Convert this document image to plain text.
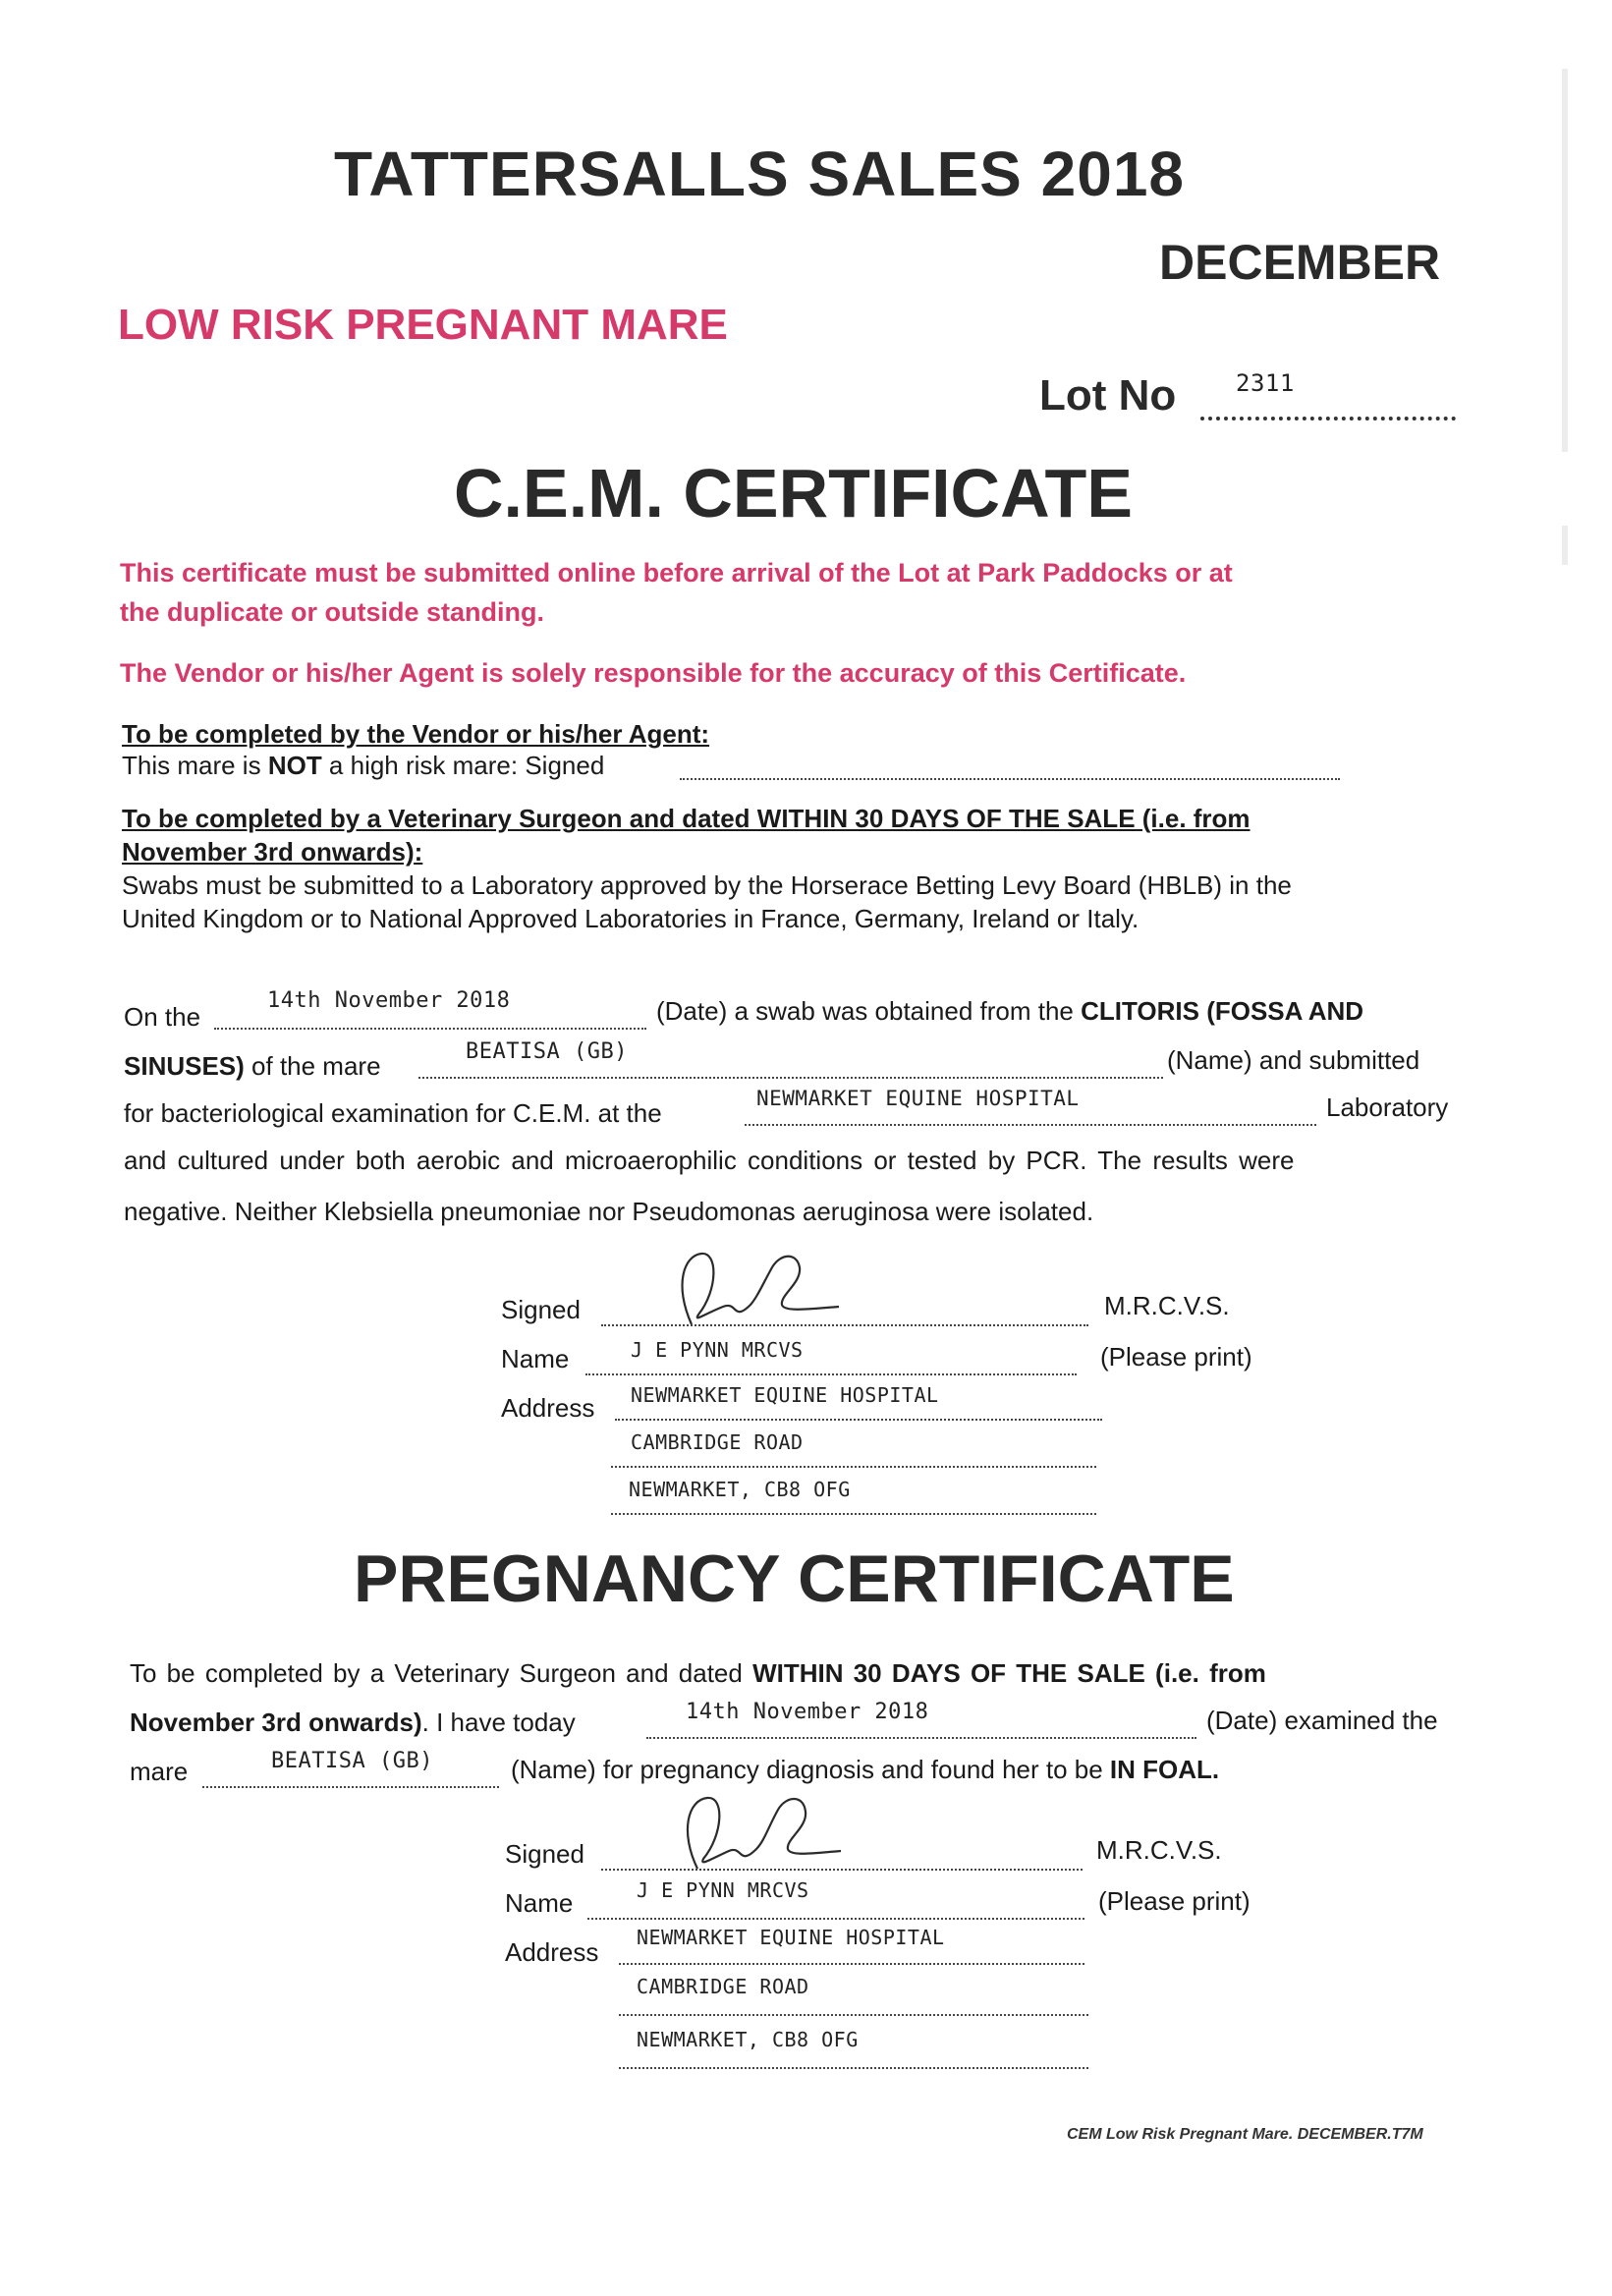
TATTERSALLS SALES 2018
DECEMBER
LOW RISK PREGNANT MARE
Lot No	2311
C.E.M. CERTIFICATE
This certificate must be submitted online before arrival of the Lot at Park Paddocks or at
the duplicate or outside standing.
The Vendor or his/her Agent is solely responsible for the accuracy of this Certificate.
To be completed by the Vendor or his/her Agent:
This mare is NOT a high risk mare: Signed
To be completed by a Veterinary Surgeon and dated WITHIN 30 DAYS OF THE SALE (i.e. from
November 3rd onwards):
Swabs must be submitted to a Laboratory approved by the Horserace Betting Levy Board (HBLB) in the
United Kingdom or to National Approved Laboratories in France, Germany, Ireland or Italy.
On the
14th November 2018	(Date) a swab was obtained from the CLITORIS (FOSSA AND
SINUSES) of the mare	BEATISA (GB)	(Name) and submitted
for bacteriological examination for C.E.M. at the	NEWMARKET EQUINE HOSPITAL	Laboratory
and cultured under both aerobic and microaerophilic conditions or tested by PCR. The results were
negative. Neither Klebsiella pneumoniae nor Pseudomonas aeruginosa were isolated.
Signed	M.R.C.V.S.
Name	J E PYNN MRCVS	(Please print)
Address NEWMARKET EQUINE HOSPITAL
CAMBRIDGE ROAD
NEWMARKET, CB8 OFG
PREGNANCY CERTIFICATE
To be completed by a Veterinary Surgeon and dated WITHIN 30 DAYS OF THE SALE (i.e. from
November 3rd onwards). I have today	14th November 2018	(Date) examined the
mare	BEATISA (GB)	(Name) for pregnancy diagnosis and found her to be IN FOAL.
Signed	M.R.C.V.S.
Name	J E PYNN MRCVS	(Please print)
Address NEWMARKET EQUINE HOSPITAL
CAMBRIDGE ROAD
NEWMARKET, CB8 OFG
CEM Low Risk Pregnant Mare. DECEMBER.T7M
